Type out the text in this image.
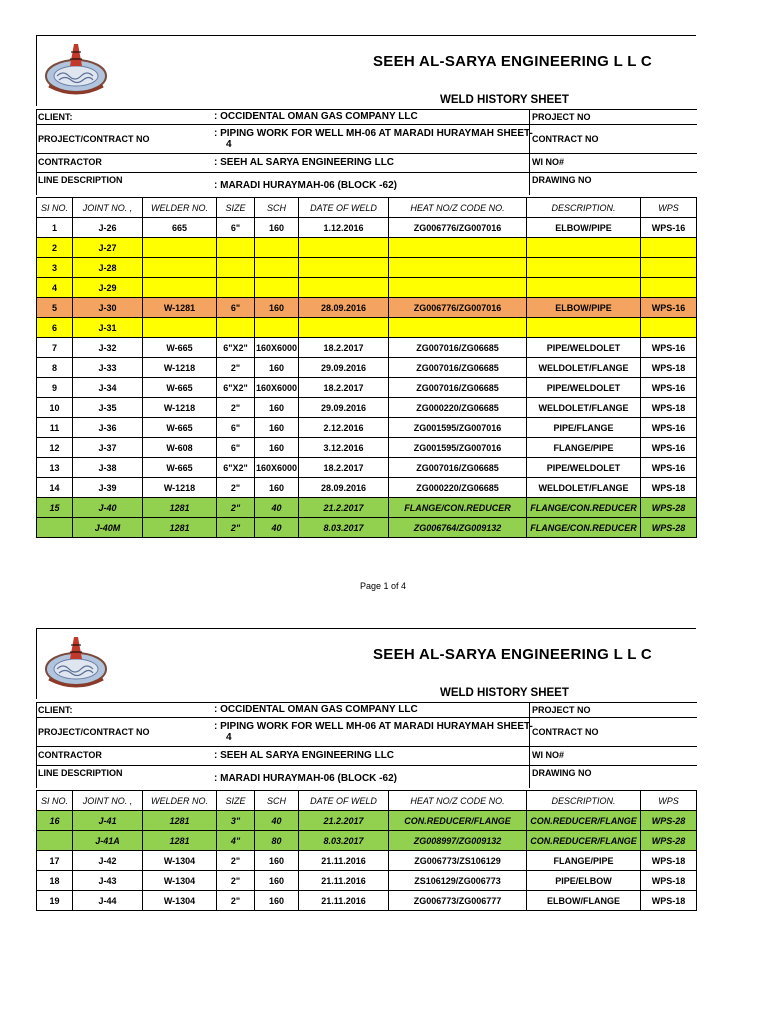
SEEH AL-SARYA ENGINEERING L L C
WELD HISTORY SHEET
CLIENT:	: OCCIDENTAL OMAN GAS COMPANY LLC	PROJECT NO
PROJECT/CONTRACT NO	: PIPING WORK FOR WELL MH-06 AT MARADI HURAYMAH SHEET-
4	CONTRACT NO
CONTRACTOR	: SEEH AL SARYA ENGINEERING LLC	WI NO#
LINE DESCRIPTION	: MARADI HURAYMAH-06 (BLOCK -62)	DRAWING NO
SI NO.	JOINT NO. ,	WELDER NO.	SIZE	SCH	DATE OF WELD	HEAT NO/Z CODE NO.	DESCRIPTION.	WPS
1	J-26	665	6"	160	1.12.2016	ZG006776/ZG007016	ELBOW/PIPE	WPS-16
2	J-27							
3	J-28							
4	J-29							
5	J-30	W-1281	6"	160	28.09.2016	ZG006776/ZG007016	ELBOW/PIPE	WPS-16
6	J-31							
7	J-32	W-665	6"X2"	160X6000	18.2.2017	ZG007016/ZG06685	PIPE/WELDOLET	WPS-16
8	J-33	W-1218	2"	160	29.09.2016	ZG007016/ZG06685	WELDOLET/FLANGE	WPS-18
9	J-34	W-665	6"X2"	160X6000	18.2.2017	ZG007016/ZG06685	PIPE/WELDOLET	WPS-16
10	J-35	W-1218	2"	160	29.09.2016	ZG000220/ZG06685	WELDOLET/FLANGE	WPS-18
11	J-36	W-665	6"	160	2.12.2016	ZG001595/ZG007016	PIPE/FLANGE	WPS-16
12	J-37	W-608	6"	160	3.12.2016	ZG001595/ZG007016	FLANGE/PIPE	WPS-16
13	J-38	W-665	6"X2"	160X6000	18.2.2017	ZG007016/ZG06685	PIPE/WELDOLET	WPS-16
14	J-39	W-1218	2"	160	28.09.2016	ZG000220/ZG06685	WELDOLET/FLANGE	WPS-18
15	J-40	1281	2"	40	21.2.2017	FLANGE/CON.REDUCER	FLANGE/CON.REDUCER	WPS-28
	J-40M	1281	2"	40	8.03.2017	ZG006764/ZG009132	FLANGE/CON.REDUCER	WPS-28
Page 1 of 4
SEEH AL-SARYA ENGINEERING L L C
WELD HISTORY SHEET
CLIENT:	: OCCIDENTAL OMAN GAS COMPANY LLC	PROJECT NO
PROJECT/CONTRACT NO	: PIPING WORK FOR WELL MH-06 AT MARADI HURAYMAH SHEET-
4	CONTRACT NO
CONTRACTOR	: SEEH AL SARYA ENGINEERING LLC	WI NO#
LINE DESCRIPTION	: MARADI HURAYMAH-06 (BLOCK -62)	DRAWING NO
SI NO.	JOINT NO. ,	WELDER NO.	SIZE	SCH	DATE OF WELD	HEAT NO/Z CODE NO.	DESCRIPTION.	WPS
16	J-41	1281	3"	40	21.2.2017	CON.REDUCER/FLANGE	CON.REDUCER/FLANGE	WPS-28
	J-41A	1281	4"	80	8.03.2017	ZG008997/ZG009132	CON.REDUCER/FLANGE	WPS-28
17	J-42	W-1304	2"	160	21.11.2016	ZG006773/ZS106129	FLANGE/PIPE	WPS-18
18	J-43	W-1304	2"	160	21.11.2016	ZS106129/ZG006773	PIPE/ELBOW	WPS-18
19	J-44	W-1304	2"	160	21.11.2016	ZG006773/ZG006777	ELBOW/FLANGE	WPS-18
